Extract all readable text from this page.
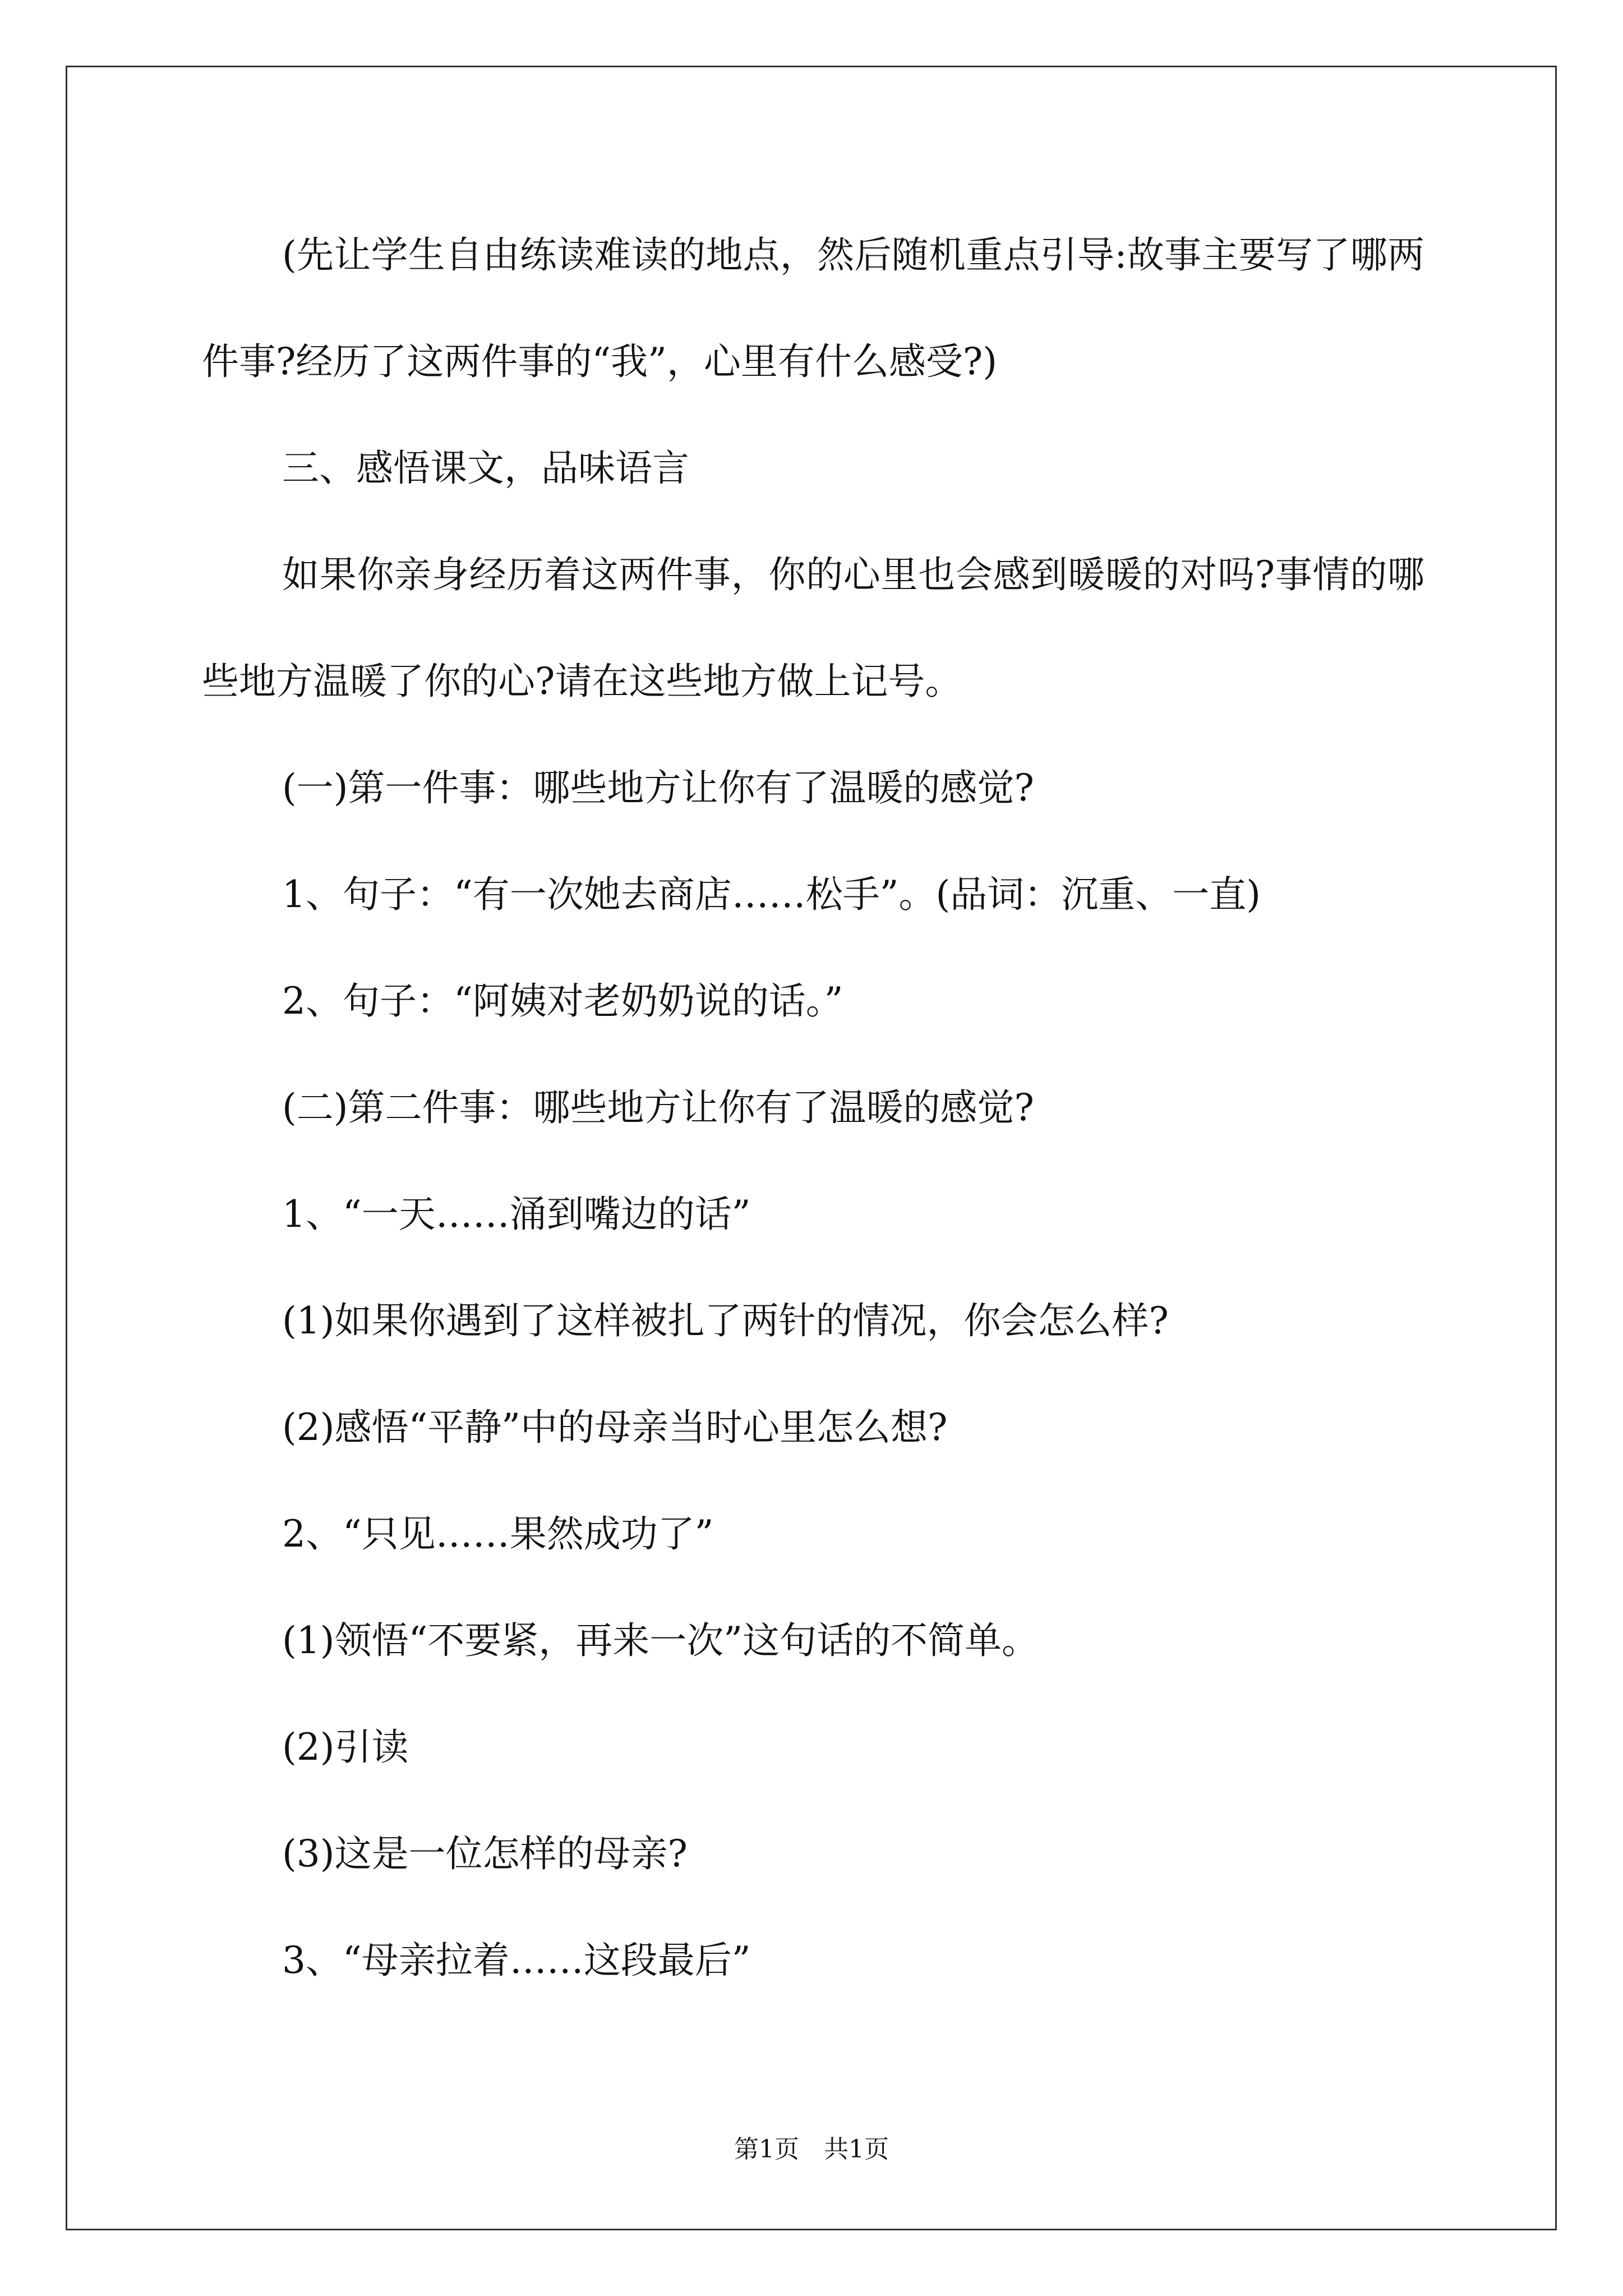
(先让学生自由练读难读的地点，然后随机重点引导:故事主要写了哪两件事?经历了这两件事的“我”，心里有什么感受?)

三、感悟课文，品味语言

如果你亲身经历着这两件事，你的心里也会感到暖暖的对吗?事情的哪些地方温暖了你的心?请在这些地方做上记号。

(一)第一件事：哪些地方让你有了温暖的感觉?

1、句子：“有一次她去商店……松手”。(品词：沉重、一直)

2、句子：“阿姨对老奶奶说的话。”

(二)第二件事：哪些地方让你有了温暖的感觉?

1、“一天……涌到嘴边的话”

(1)如果你遇到了这样被扎了两针的情况，你会怎么样?

(2)感悟“平静”中的母亲当时心里怎么想?

2、“只见……果然成功了”

(1)领悟“不要紧，再来一次”这句话的不简单。

(2)引读

(3)这是一位怎样的母亲?

3、“母亲拉着……这段最后”

第1页 共1页
